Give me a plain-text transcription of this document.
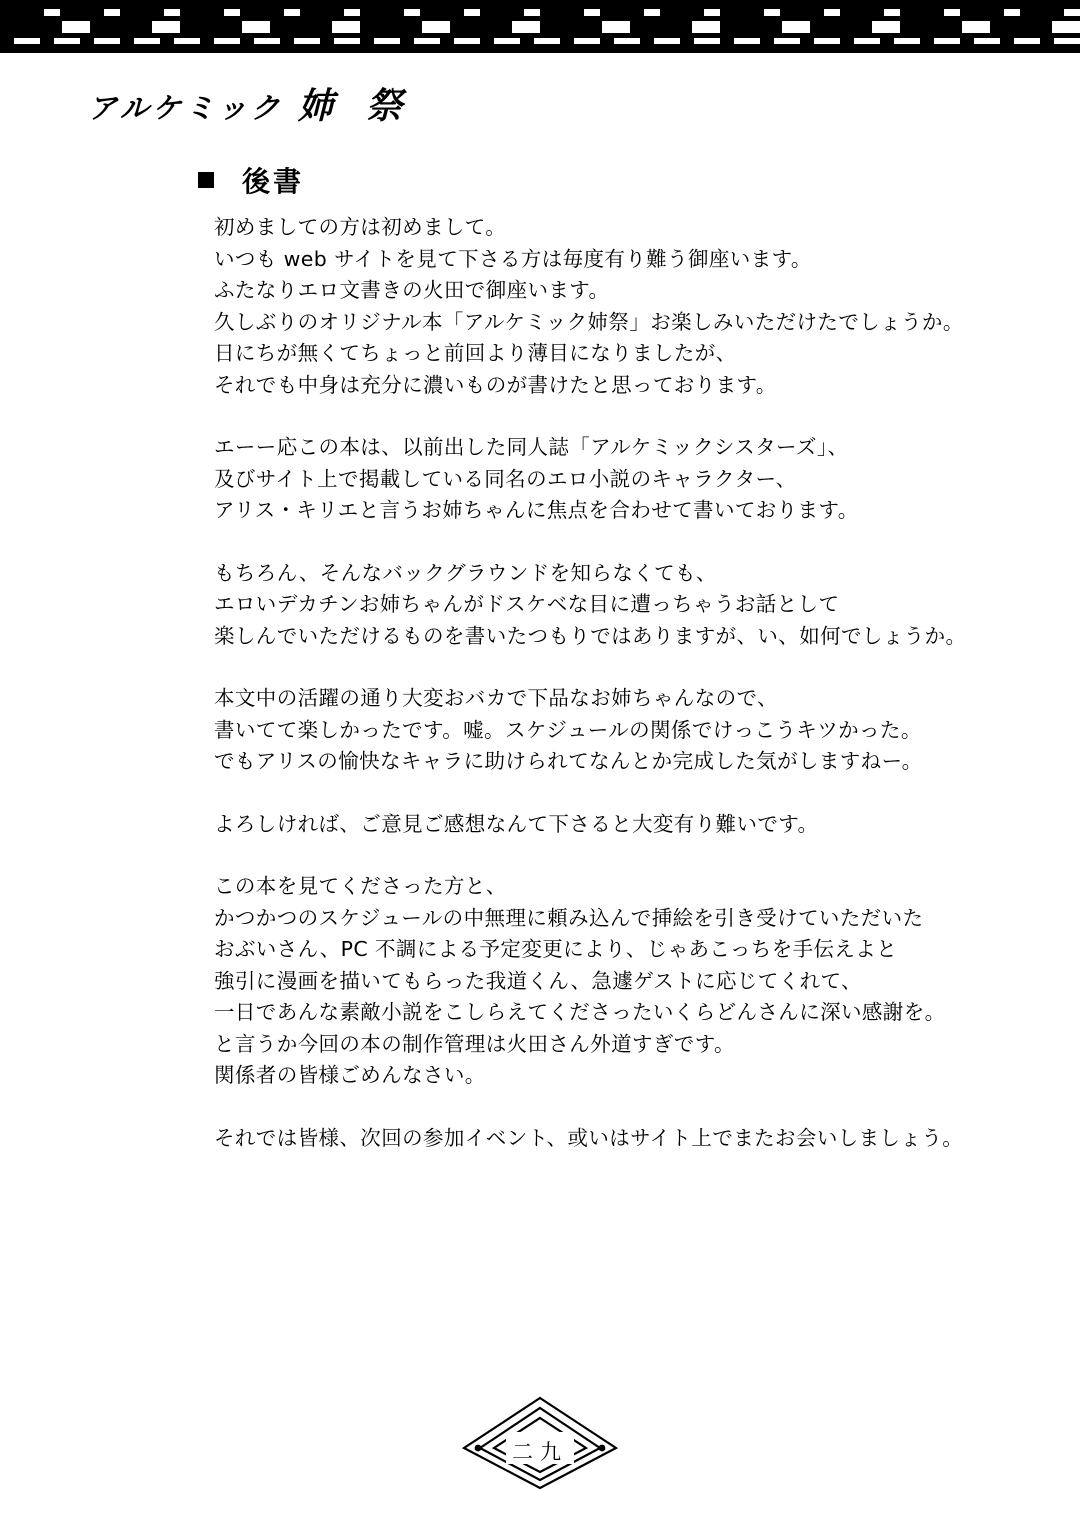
アルケミック 姉 祭
後書

初めましての方は初めまして。

いつも web サイトを見て下さる方は毎度有り難う御座います。

ふたなりエロ文書きの火田で御座います。

久しぶりのオリジナル本「アルケミック姉祭」お楽しみいただけたでしょうか。

日にちが無くてちょっと前回より薄目になりましたが、

それでも中身は充分に濃いものが書けたと思っております。

エーー応この本は、以前出した同人誌「アルケミックシスターズ」、

及びサイト上で掲載している同名のエロ小説のキャラクター、

アリス・キリエと言うお姉ちゃんに焦点を合わせて書いております。

もちろん、そんなバックグラウンドを知らなくても、

エロいデカチンお姉ちゃんがドスケベな目に遭っちゃうお話として

楽しんでいただけるものを書いたつもりではありますが、い、如何でしょうか。

本文中の活躍の通り大変おバカで下品なお姉ちゃんなので、

書いてて楽しかったです。嘘。スケジュールの関係でけっこうキツかった。

でもアリスの愉快なキャラに助けられてなんとか完成した気がしますねー。

よろしければ、ご意見ご感想なんて下さると大変有り難いです。

この本を見てくださった方と、

かつかつのスケジュールの中無理に頼み込んで挿絵を引き受けていただいた

おぶいさん、PC 不調による予定変更により、じゃあこっちを手伝えよと

強引に漫画を描いてもらった我道くん、急遽ゲストに応じてくれて、

一日であんな素敵小説をこしらえてくださったいくらどんさんに深い感謝を。

と言うか今回の本の制作管理は火田さん外道すぎです。

関係者の皆様ごめんなさい。

それでは皆様、次回の参加イベント、或いはサイト上でまたお会いしましょう。

二九
